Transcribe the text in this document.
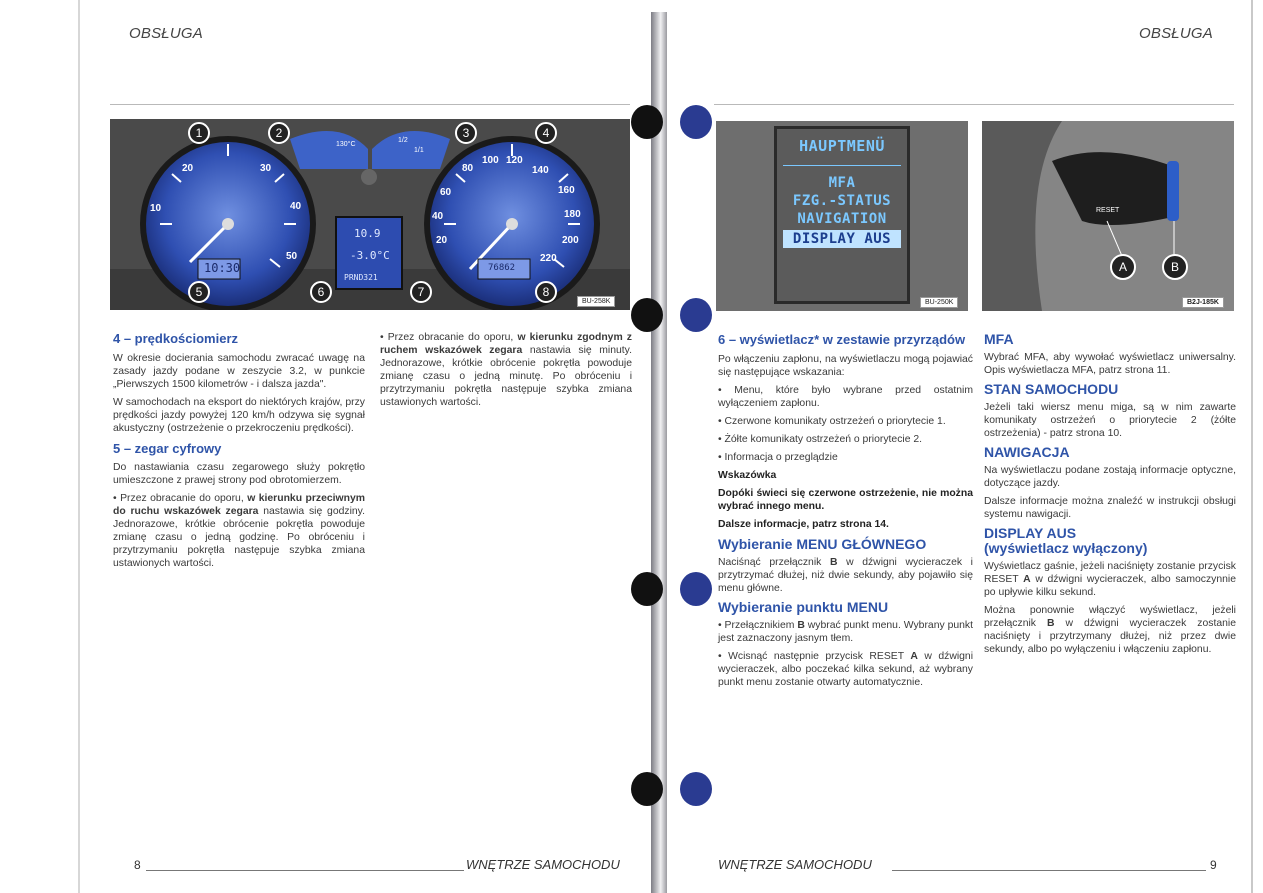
OBSŁUGA
20	30
40
50
10
80
100 120
140
160
180
200
220
60
40
20
130°C
1/2
1/1
10.9
-3.0°C
PRND321
10:30	76862
1	2	3	4
5	6	7	8
BU-258K
4 – prędkościomierz

W okresie docierania samochodu zwracać uwagę na zasady jazdy podane w zeszycie 3.2, w punkcie „Pierwszych 1500 kilometrów - i dalsza jazda".

W samochodach na eksport do niektórych krajów, przy prędkości jazdy powyżej 120 km/h odzywa się sygnał akustyczny (ostrzeżenie o przekroczeniu prędkości).

5 – zegar cyfrowy

Do nastawiania czasu zegarowego służy pokrętło umieszczone z prawej strony pod obrotomierzem.

• Przez obracanie do oporu, w kierunku przeciwnym do ruchu wskazówek zegara nastawia się godziny. Jednorazowe, krótkie obrócenie pokrętła powoduje zmianę czasu o jedną godzinę. Po obróceniu i przytrzymaniu pokrętła następuje szybka zmiana ustawionych wartości.

• Przez obracanie do oporu, w kierunku zgodnym z ruchem wskazówek zegara nastawia się minuty. Jednorazowe, krótkie obrócenie pokrętła powoduje zmianę czasu o jedną minutę. Po obróceniu i przytrzymaniu pokrętła następuje szybka zmiana ustawionych wartości.

8	WNĘTRZE SAMOCHODU
OBSŁUGA
HAUPTMENÜ
MFA
FZG.-STATUS
NAVIGATION
DISPLAY AUS
BU-250K
RESET
A	B
B2J-185K
6 – wyświetlacz* w zestawie przyrządów

Po włączeniu zapłonu, na wyświetlaczu mogą pojawiać się następujące wskazania:

• Menu, które było wybrane przed ostatnim wyłączeniem zapłonu.

• Czerwone komunikaty ostrzeżeń o priorytecie 1.

• Żółte komunikaty ostrzeżeń o priorytecie 2.

• Informacja o przeglądzie

Wskazówka

Dopóki świeci się czerwone ostrzeżenie, nie można wybrać innego menu.

Dalsze informacje, patrz strona 14.

Wybieranie MENU GŁÓWNEGO

Naciśnąć przełącznik B w dźwigni wycieraczek i przytrzymać dłużej, niż dwie sekundy, aby pojawiło się menu główne.

Wybieranie punktu MENU

• Przełącznikiem B wybrać punkt menu. Wybrany punkt jest zaznaczony jasnym tłem.

• Wcisnąć następnie przycisk RESET A w dźwigni wycieraczek, albo poczekać kilka sekund, aż wybrany punkt menu zostanie otwarty automatycznie.

MFA

Wybrać MFA, aby wywołać wyświetlacz uniwersalny. Opis wyświetlacza MFA, patrz strona 11.

STAN SAMOCHODU

Jeżeli taki wiersz menu miga, są w nim zawarte komunikaty ostrzeżeń o priorytecie 2 (żółte ostrzeżenia) - patrz strona 10.

NAWIGACJA

Na wyświetlaczu podane zostają informacje optyczne, dotyczące jazdy.

Dalsze informacje można znaleźć w instrukcji obsługi systemu nawigacji.

DISPLAY AUS
(wyświetlacz wyłączony)

Wyświetlacz gaśnie, jeżeli naciśnięty zostanie przycisk RESET A w dźwigni wycieraczek, albo samoczynnie po upływie kilku sekund.

Można ponownie włączyć wyświetlacz, jeżeli przełącznik B w dźwigni wycieraczek zostanie naciśnięty i przytrzymany dłużej, niż przez dwie sekundy, albo po wyłączeniu i włączeniu zapłonu.

WNĘTRZE SAMOCHODU	9
